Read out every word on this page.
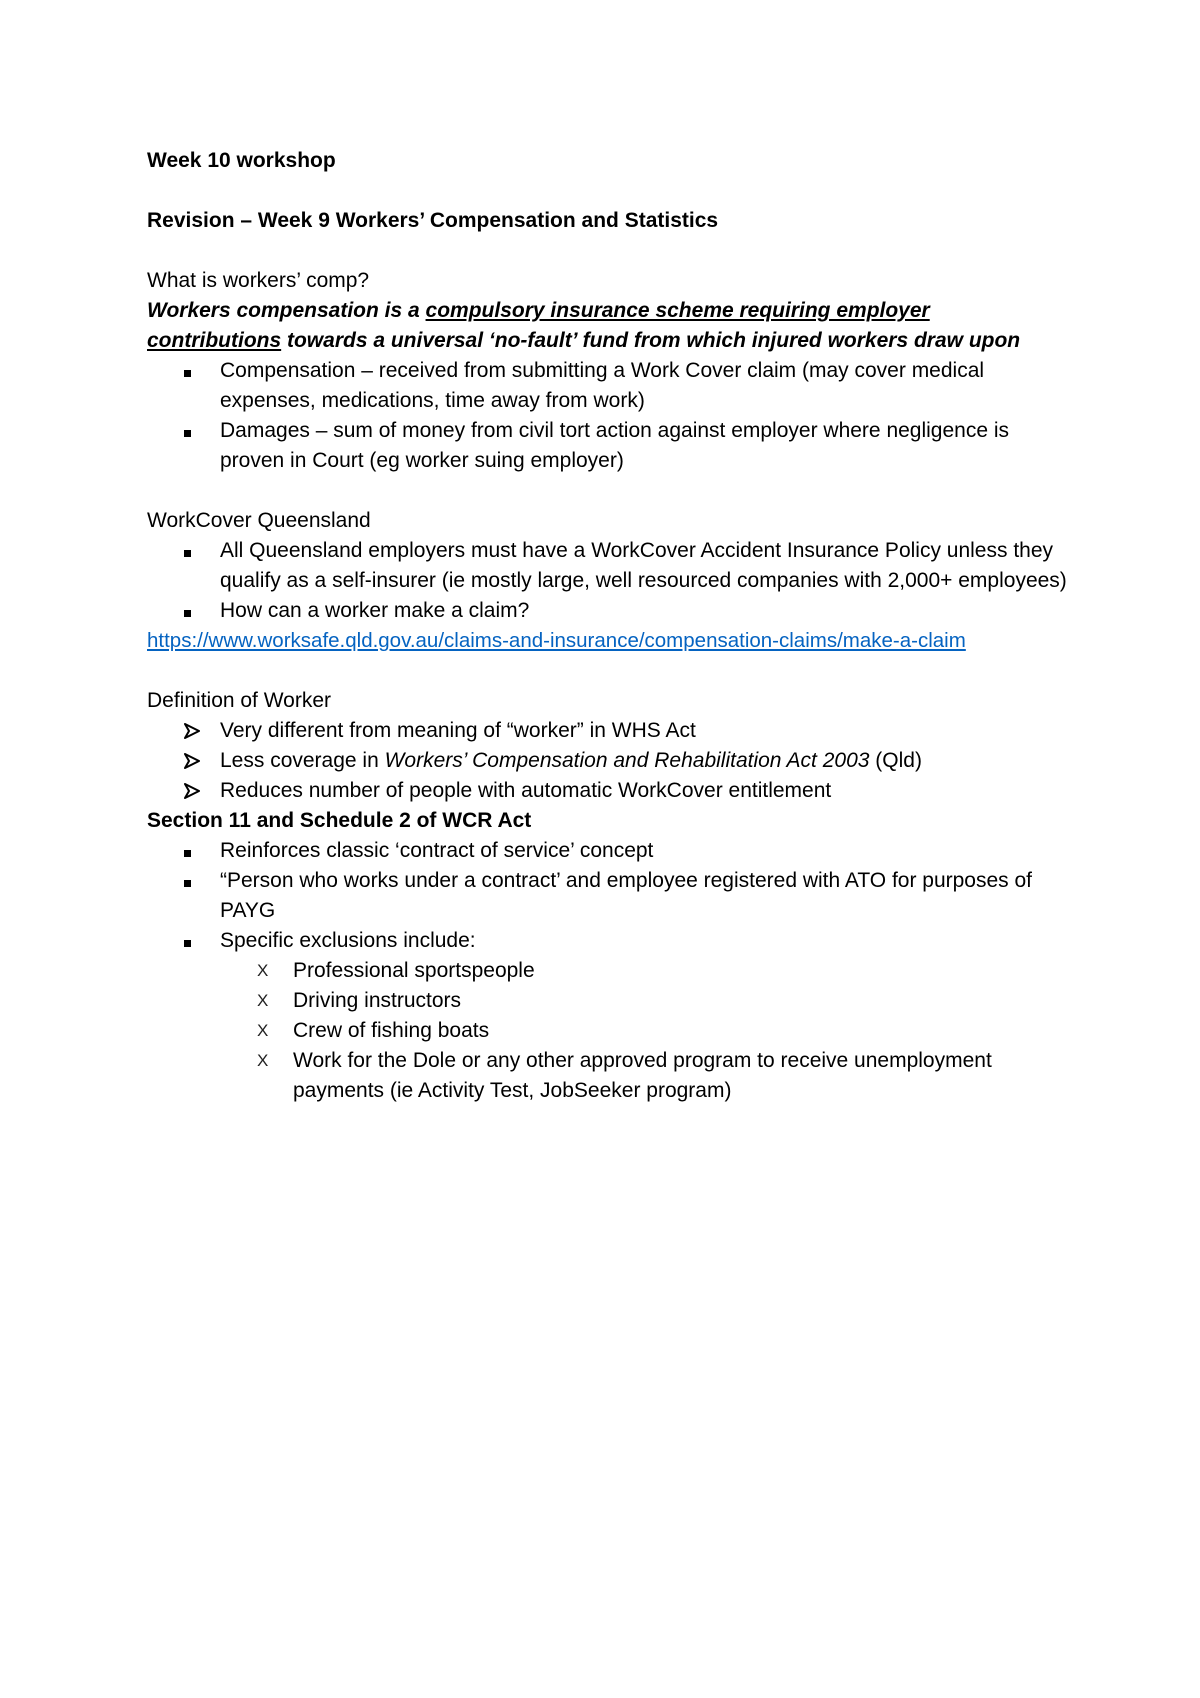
Week 10 workshop

Revision – Week 9 Workers’ Compensation and Statistics

What is workers’ comp?

Workers compensation is a compulsory insurance scheme requiring employer
contributions towards a universal ‘no-fault’ fund from which injured workers draw upon

Compensation – received from submitting a Work Cover claim (may cover medical expenses, medications, time away from work)
Damages – sum of money from civil tort action against employer where negligence is proven in Court (eg worker suing employer)

WorkCover Queensland

All Queensland employers must have a WorkCover Accident Insurance Policy unless they qualify as a self-insurer (ie mostly large, well resourced companies with 2,000+ employees)
How can a worker make a claim?

https://www.worksafe.qld.gov.au/claims-and-insurance/compensation-claims/make-a-claim

Definition of Worker

Very different from meaning of “worker” in WHS Act
Less coverage in Workers’ Compensation and Rehabilitation Act 2003 (Qld)
Reduces number of people with automatic WorkCover entitlement

Section 11 and Schedule 2 of WCR Act

Reinforces classic ‘contract of service’ concept
“Person who works under a contract’ and employee registered with ATO for purposes of PAYG
Specific exclusions include:
X	Professional sportspeople
X	Driving instructors
X	Crew of fishing boats
X	Work for the Dole or any other approved program to receive unemployment payments (ie Activity Test, JobSeeker program)
